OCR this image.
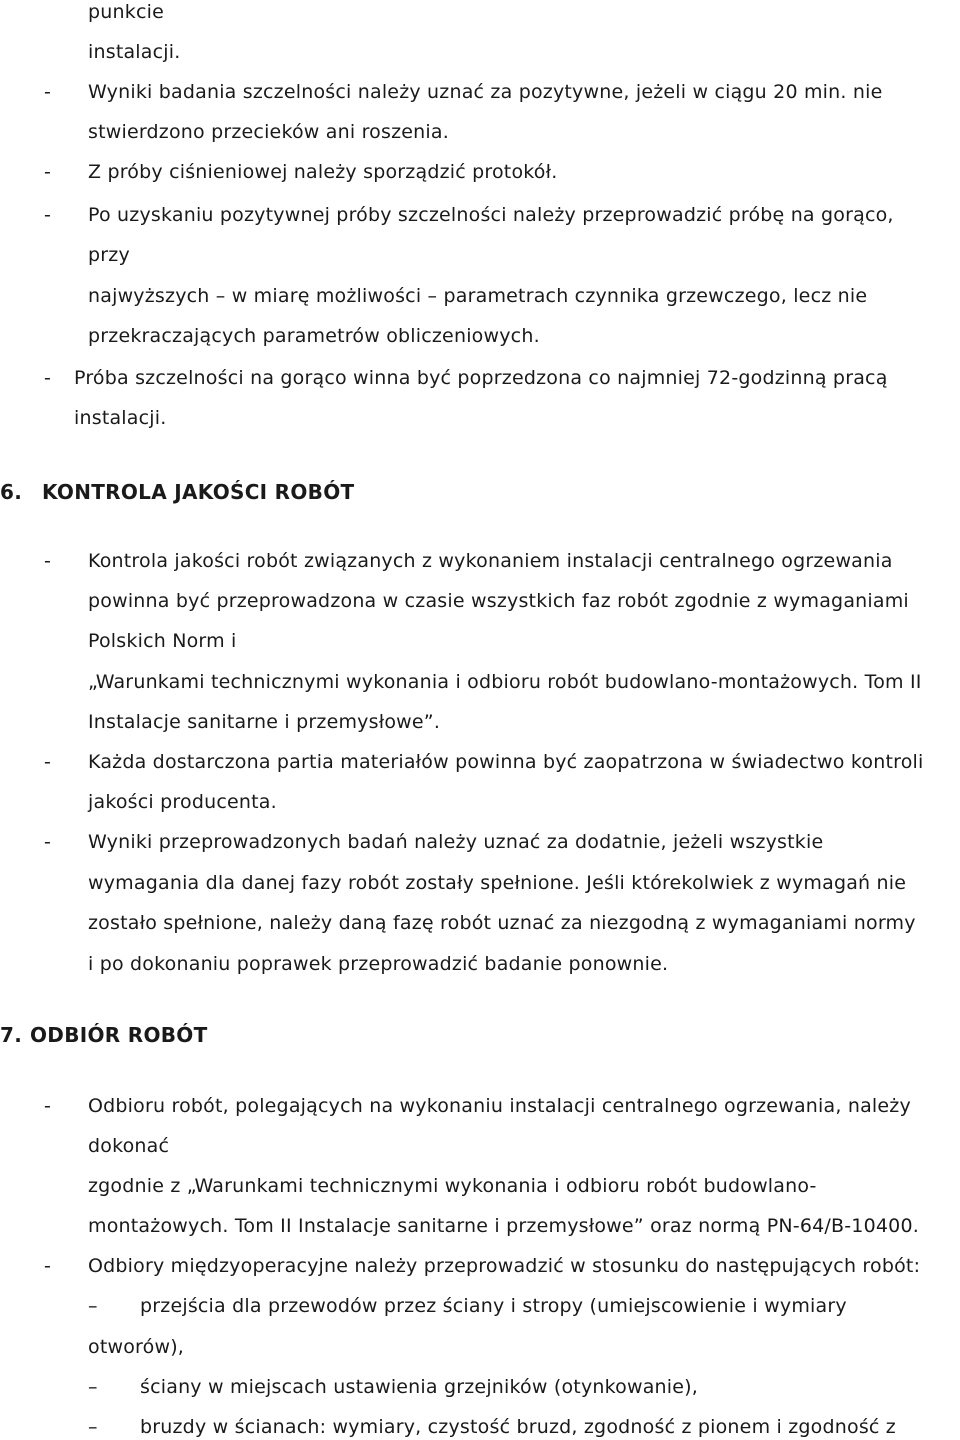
punkcie
instalacji.
- Wyniki badania szczelności należy uznać za pozytywne, jeżeli w ciągu 20 min. nie
stwierdzono przecieków ani roszenia.
- Z próby ciśnieniowej należy sporządzić protokół.
- Po uzyskaniu pozytywnej próby szczelności należy przeprowadzić próbę na gorąco,
przy
najwyższych – w miarę możliwości – parametrach czynnika grzewczego, lecz nie
przekraczających parametrów obliczeniowych.
- Próba szczelności na gorąco winna być poprzedzona co najmniej 72-godzinną pracą
instalacji.
6. KONTROLA JAKOŚCI ROBÓT
- Kontrola jakości robót związanych z wykonaniem instalacji centralnego ogrzewania
powinna być przeprowadzona w czasie wszystkich faz robót zgodnie z wymaganiami
Polskich Norm i
„Warunkami technicznymi wykonania i odbioru robót budowlano-montażowych. Tom II
Instalacje sanitarne i przemysłowe”.
- Każda dostarczona partia materiałów powinna być zaopatrzona w świadectwo kontroli
jakości producenta.
- Wyniki przeprowadzonych badań należy uznać za dodatnie, jeżeli wszystkie
wymagania dla danej fazy robót zostały spełnione. Jeśli którekolwiek z wymagań nie
zostało spełnione, należy daną fazę robót uznać za niezgodną z wymaganiami normy
i po dokonaniu poprawek przeprowadzić badanie ponownie.
7. ODBIÓR ROBÓT
- Odbioru robót, polegających na wykonaniu instalacji centralnego ogrzewania, należy
dokonać
zgodnie z „Warunkami technicznymi wykonania i odbioru robót budowlano-
montażowych. Tom II Instalacje sanitarne i przemysłowe” oraz normą PN-64/B-10400.
- Odbiory międzyoperacyjne należy przeprowadzić w stosunku do następujących robót:
– przejścia dla przewodów przez ściany i stropy (umiejscowienie i wymiary
otworów),
– ściany w miejscach ustawienia grzejników (otynkowanie),
– bruzdy w ścianach: wymiary, czystość bruzd, zgodność z pionem i zgodność z
